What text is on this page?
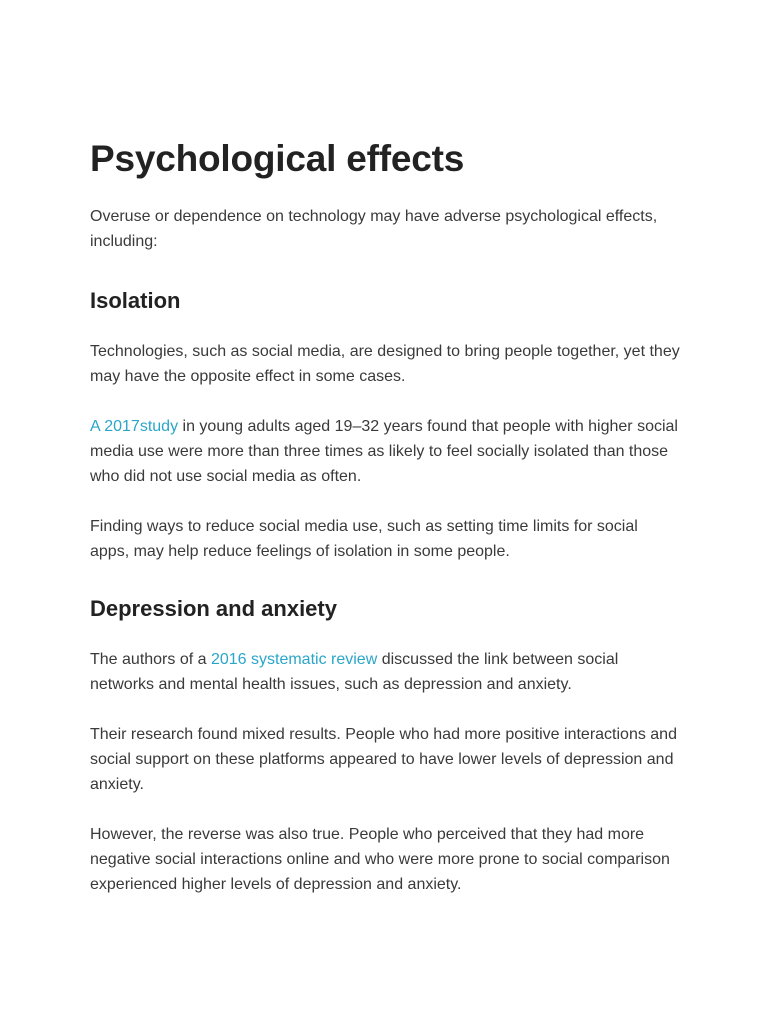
Psychological effects

Overuse or dependence on technology may have adverse psychological effects, including:

Isolation

Technologies, such as social media, are designed to bring people together, yet they may have the opposite effect in some cases.

A 2017study in young adults aged 19–32 years found that people with higher social media use were more than three times as likely to feel socially isolated than those who did not use social media as often.

Finding ways to reduce social media use, such as setting time limits for social apps, may help reduce feelings of isolation in some people.

Depression and anxiety

The authors of a 2016 systematic review discussed the link between social networks and mental health issues, such as depression and anxiety.

Their research found mixed results. People who had more positive interactions and social support on these platforms appeared to have lower levels of depression and anxiety.

However, the reverse was also true. People who perceived that they had more negative social interactions online and who were more prone to social comparison experienced higher levels of depression and anxiety.
